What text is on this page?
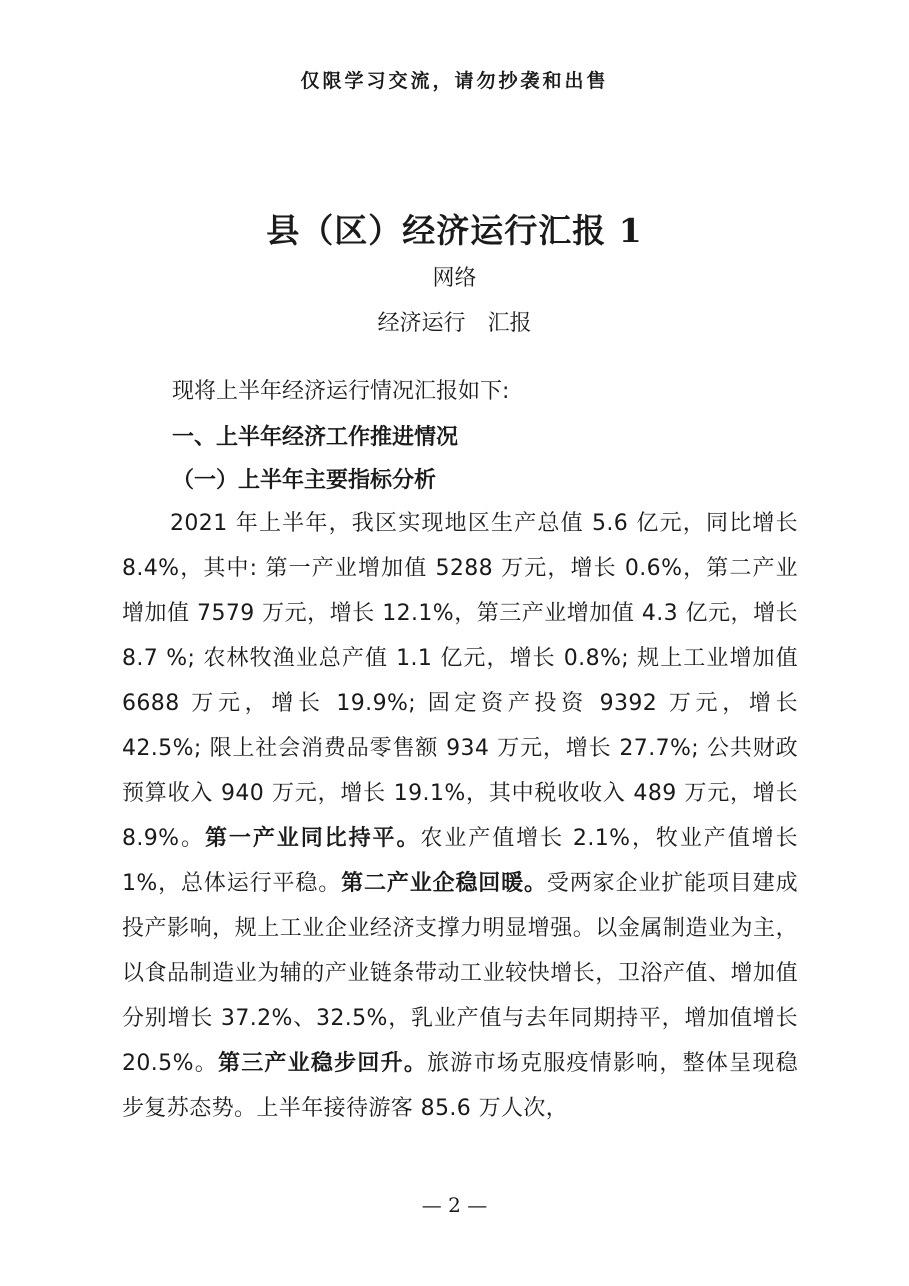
仅限学习交流，请勿抄袭和出售
县（区）经济运行汇报 1
网络
经济运行 汇报
现将上半年经济运行情况汇报如下:
一、上半年经济工作推进情况
（一）上半年主要指标分析
2021 年上半年，我区实现地区生产总值 5.6 亿元，同比增长 8.4%，其中: 第一产业增加值 5288 万元，增长 0.6%，第二产业增加值 7579 万元，增长 12.1%，第三产业增加值 4.3 亿元，增长 8.7 %; 农林牧渔业总产值 1.1 亿元，增长 0.8%; 规上工业增加值 6688 万元，增长 19.9%; 固定资产投资 9392 万元，增长 42.5%; 限上社会消费品零售额 934 万元，增长 27.7%; 公共财政预算收入 940 万元，增长 19.1%，其中税收收入 489 万元，增长 8.9%。第一产业同比持平。农业产值增长 2.1%，牧业产值增长 1%，总体运行平稳。第二产业企稳回暖。受两家企业扩能项目建成投产影响，规上工业企业经济支撑力明显增强。以金属制造业为主，以食品制造业为辅的产业链条带动工业较快增长，卫浴产值、增加值分别增长 37.2%、32.5%，乳业产值与去年同期持平，增加值增长 20.5%。第三产业稳步回升。旅游市场克服疫情影响，整体呈现稳步复苏态势。上半年接待游客 85.6 万人次，
— 2 —
